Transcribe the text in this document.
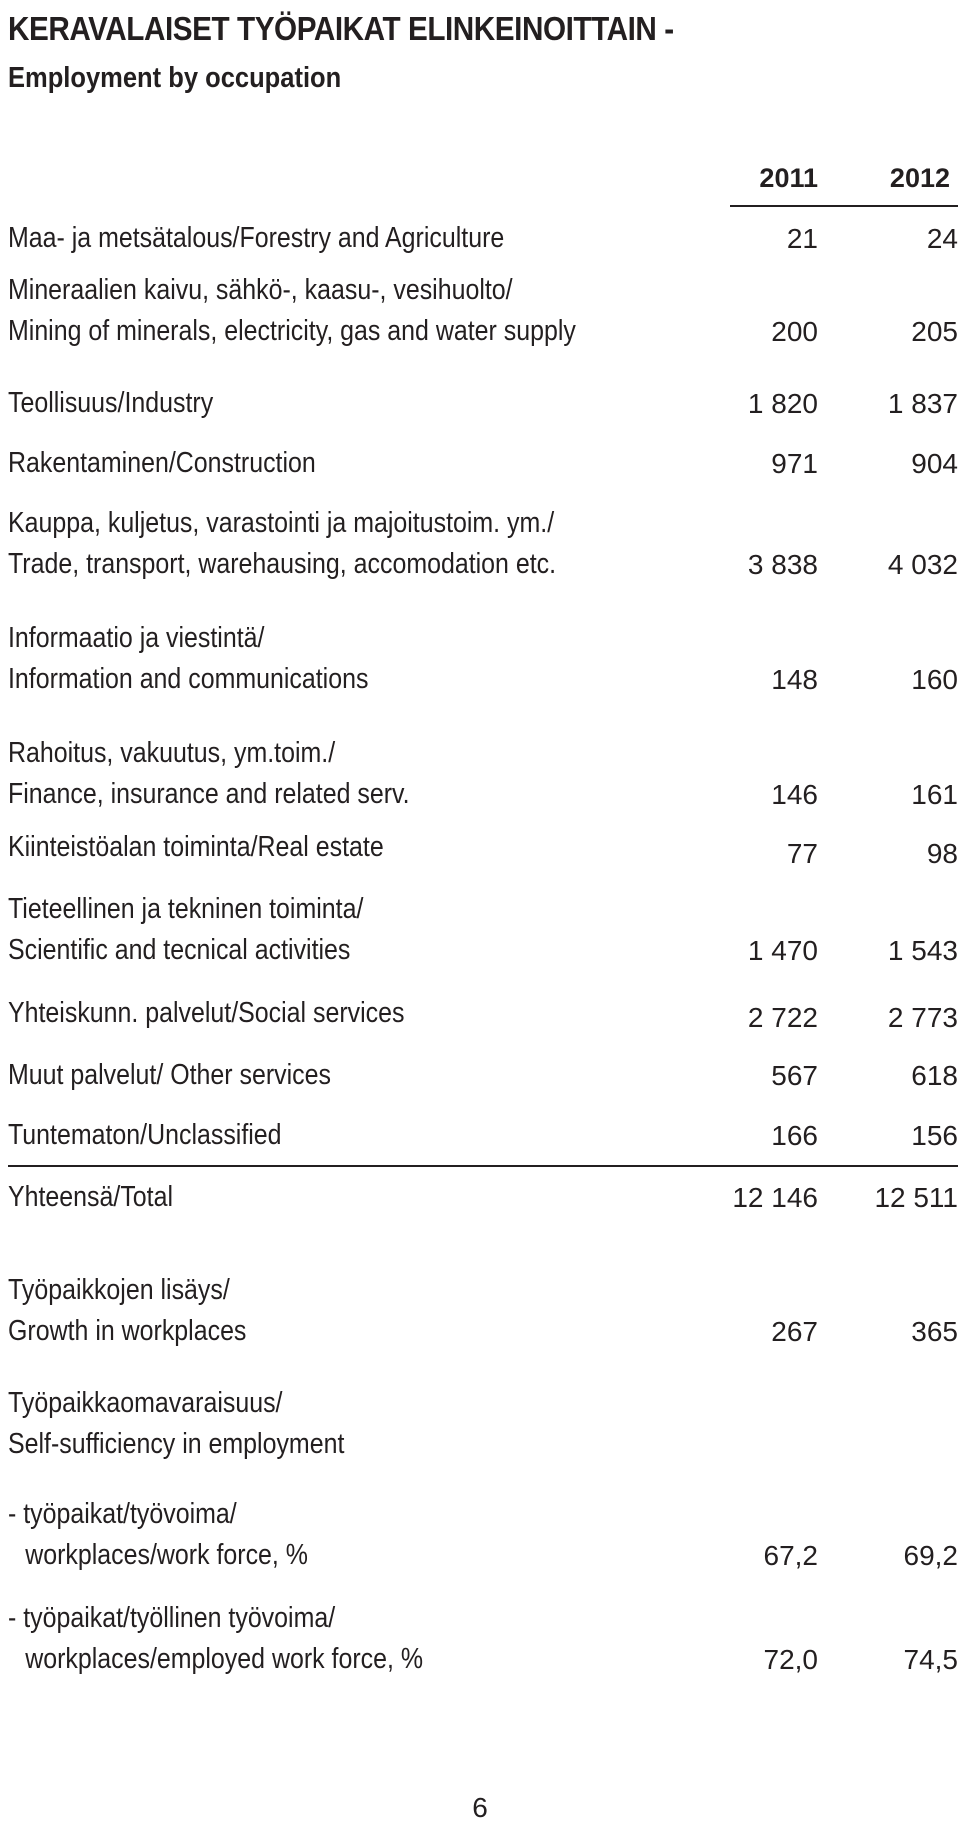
KERAVALAISET TYÖPAIKAT ELINKEINOITTAIN -
Employment by occupation
2011	2012
Maa- ja metsätalous/Forestry and Agriculture	21	24
Mineraalien kaivu, sähkö-, kaasu-, vesihuolto/
Mining of minerals, electricity, gas and water supply	200	205
Teollisuus/Industry	1 820	1 837
Rakentaminen/Construction	971	904
Kauppa, kuljetus, varastointi ja majoitustoim. ym./
Trade, transport, warehausing, accomodation etc.	3 838	4 032
Informaatio ja viestintä/
Information and communications	148	160
Rahoitus, vakuutus, ym.toim./
Finance, insurance and related serv.	146	161
Kiinteistöalan toiminta/Real estate	77	98
Tieteellinen ja tekninen toiminta/
Scientific and tecnical activities	1 470	1 543
Yhteiskunn. palvelut/Social services	2 722	2 773
Muut palvelut/ Other services	567	618
Tuntematon/Unclassified	166	156
Yhteensä/Total	12 146	12 511
Työpaikkojen lisäys/
Growth in workplaces	267	365
Työpaikkaomavaraisuus/
Self-sufficiency in employment
- työpaikat/työvoima/
workplaces/work force, %	67,2	69,2
- työpaikat/työllinen työvoima/
workplaces/employed work force, %	72,0	74,5
6
